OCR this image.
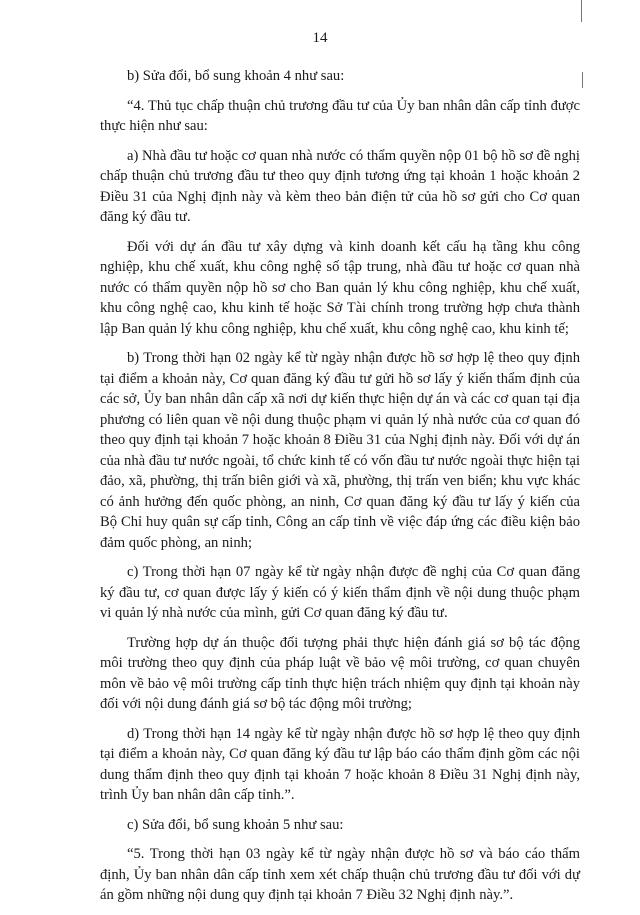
14

b) Sửa đổi, bổ sung khoản 4 như sau:

“4. Thủ tục chấp thuận chủ trương đầu tư của Ủy ban nhân dân cấp tỉnh được thực hiện như sau:

a) Nhà đầu tư hoặc cơ quan nhà nước có thẩm quyền nộp 01 bộ hồ sơ đề nghị chấp thuận chủ trương đầu tư theo quy định tương ứng tại khoản 1 hoặc khoản 2 Điều 31 của Nghị định này và kèm theo bản điện tử của hồ sơ gửi cho Cơ quan đăng ký đầu tư.

Đối với dự án đầu tư xây dựng và kinh doanh kết cấu hạ tầng khu công nghiệp, khu chế xuất, khu công nghệ số tập trung, nhà đầu tư hoặc cơ quan nhà nước có thẩm quyền nộp hồ sơ cho Ban quản lý khu công nghiệp, khu chế xuất, khu công nghệ cao, khu kinh tế hoặc Sở Tài chính trong trường hợp chưa thành lập Ban quản lý khu công nghiệp, khu chế xuất, khu công nghệ cao, khu kinh tế;

b) Trong thời hạn 02 ngày kể từ ngày nhận được hồ sơ hợp lệ theo quy định tại điểm a khoản này, Cơ quan đăng ký đầu tư gửi hồ sơ lấy ý kiến thẩm định của các sở, Ủy ban nhân dân cấp xã nơi dự kiến thực hiện dự án và các cơ quan tại địa phương có liên quan về nội dung thuộc phạm vi quản lý nhà nước của cơ quan đó theo quy định tại khoản 7 hoặc khoản 8 Điều 31 của Nghị định này. Đối với dự án của nhà đầu tư nước ngoài, tổ chức kinh tế có vốn đầu tư nước ngoài thực hiện tại đảo, xã, phường, thị trấn biên giới và xã, phường, thị trấn ven biển; khu vực khác có ảnh hưởng đến quốc phòng, an ninh, Cơ quan đăng ký đầu tư lấy ý kiến của Bộ Chỉ huy quân sự cấp tỉnh, Công an cấp tỉnh về việc đáp ứng các điều kiện bảo đảm quốc phòng, an ninh;

c) Trong thời hạn 07 ngày kể từ ngày nhận được đề nghị của Cơ quan đăng ký đầu tư, cơ quan được lấy ý kiến có ý kiến thẩm định về nội dung thuộc phạm vi quản lý nhà nước của mình, gửi Cơ quan đăng ký đầu tư.

Trường hợp dự án thuộc đối tượng phải thực hiện đánh giá sơ bộ tác động môi trường theo quy định của pháp luật về bảo vệ môi trường, cơ quan chuyên môn về bảo vệ môi trường cấp tỉnh thực hiện trách nhiệm quy định tại khoản này đối với nội dung đánh giá sơ bộ tác động môi trường;

d) Trong thời hạn 14 ngày kể từ ngày nhận được hồ sơ hợp lệ theo quy định tại điểm a khoản này, Cơ quan đăng ký đầu tư lập báo cáo thẩm định gồm các nội dung thẩm định theo quy định tại khoản 7 hoặc khoản 8 Điều 31 Nghị định này, trình Ủy ban nhân dân cấp tỉnh.”.

c) Sửa đổi, bổ sung khoản 5 như sau:

“5. Trong thời hạn 03 ngày kể từ ngày nhận được hồ sơ và báo cáo thẩm định, Ủy ban nhân dân cấp tỉnh xem xét chấp thuận chủ trương đầu tư đối với dự án gồm những nội dung quy định tại khoản 7 Điều 32 Nghị định này.”.
